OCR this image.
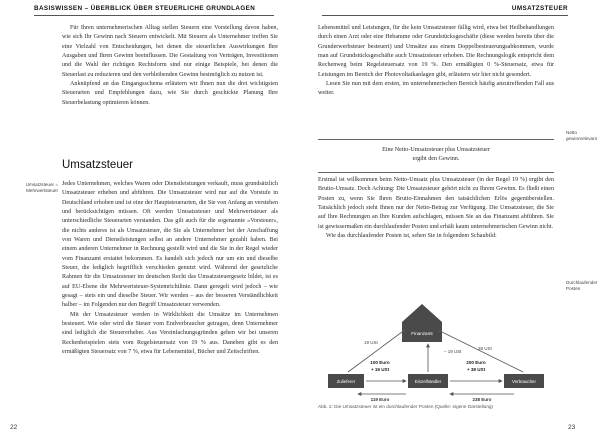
BASISWISSEN – ÜBERBLICK ÜBER STEUERLICHE GRUNDLAGEN

Für Ihren unternehmerischen Alltag stellen Steuern eine Vorstellung davon haben, wie sich Ihr Gewinn nach Steuern entwickelt. Mit Steuern als Unternehmer treffen Sie eine Vielzahl von Entscheidungen, bei denen die steuerlichen Auswirkungen Ihre Ausgaben und Ihren Gewinn beeinflussen. Die Gestaltung von Verträgen, Investitionen und die Wahl der richtigen Rechtsform sind nur einige Beispiele, bei denen die Steuerlast zu reduzieren und den verbleibenden Gewinn bestmöglich zu nutzen ist.

Anknüpfend an das Eingangsschema erläutern wir Ihnen nun die drei wichtigsten Steuerarten und Empfehlungen dazu, wie Sie durch geschickte Planung Ihre Steuerbelastung optimieren können.

Umsatzsteuer
Umsatzsteuer = Mehrwertsteuer

Jedes Unternehmen, welches Waren oder Dienstleistungen verkauft, muss grundsätzlich Umsatzsteuer erheben und abführen. Die Umsatzsteuer wird nur auf die Vorstufe in Deutschland erhoben und ist eine der Hauptsteuerarten, die Sie von Anfang an verstehen und berücksichtigen müssen. Oft werden Umsatzsteuer und Mehrwertsteuer als unterschiedliche Steuerarten verstanden. Das gilt auch für die sogenannte »Vorsteuer«, die nichts anderes ist als Umsatzsteuer, die Sie als Unternehmer bei der Anschaffung von Waren und Dienstleistungen selbst an andere Unternehmer gezahlt haben. Bei einem anderen Unternehmer in Rechnung gestellt wird und die Sie in der Regel wieder vom Finanzamt erstattet bekommen. Es handelt sich jedoch nur um ein und dieselbe Steuer, die lediglich begrifflich verschieden genutzt wird. Während der gesetzliche Rahmen für die Umsatzsteuer im deutschen Recht das Umsatzsteuergesetz bildet, ist es auf EU-Ebene die Mehrwertsteuer-Systemrichtlinie. Dann geregelt wird jedoch – wie gesagt – stets ein und dieselbe Steuer. Wir werden – aus der besseren Verständlichkeit halber – im Folgenden nur den Begriff Umsatzsteuer verwenden.

Mit der Umsatzsteuer werden in Wirklichkeit die Umsätze im Unternehmen besteuert. Wie oder wird die Steuer vom Endverbraucher getragen, denn Unternehmer sind lediglich die Steuererheber. Aus Vereinfachungsgründen gehen wir bei unseren Rechenbeispielen stets vom Regelsteuersatz von 19 % aus. Daneben gibt es den ermäßigten Steuersatz von 7 %, etwa für Lebensmittel, Bücher und Zeitschriften.

22
UMSATZSTEUER

Lebensmittel und Leistungen, für die kein Umsatzsteuer fällig wird, etwa bei Heilbehandlungen durch einen Arzt oder eine Hebamme oder Grundstücksgeschäfte (diese werden bereits über die Grunderwerbsteuer besteuert) und Umsätze aus einem Doppelbesteuerungsabkommen, wurde man auf Grundstücksgeschäfte auch Umsatzsteuer erhoben. Die Rechnungslogik entspricht dem Rechenweg beim Regelsteuersatz von 19 %. Den ermäßigten 0 %-Steuersatz, etwa für Leistungen im Bereich der Photovoltaikanlagen gibt, erläutern wir hier nicht gesondert.

Lesen Sie nun mit dem ersten, im unternehmerischen Bereich häufig anzutreffenden Fall aus weiter.

Netto gewinnrelevant
Eine Netto-Umsatzsteuer plus Umsatzsteuer
ergibt den Gewinn.

Erstmal ist willkommen beim Netto-Umsatz plus Umsatzsteuer (in der Regel 19 %) ergibt den Brutto-Umsatz. Doch Achtung: Die Umsatzsteuer gehört nicht zu Ihrem Gewinn. Es fließt einen Posten zu, wenn Sie Ihren Brutto-Einnahmen den tatsächlichen Erlös gegenüberstellen. Tatsächlich jedoch steht Ihnen nur der Netto-Betrag zur Verfügung. Die Umsatzsteuer, die Sie auf Ihre Rechnungen an Ihre Kunden aufschlagen, müssen Sie an das Finanzamt abführen. Sie ist gewissermaßen ein durchlaufender Posten und erhält kaum unternehmerischen Gewinn nicht.

Wie das durchlaufender Posten ist, sehen Sie in folgendem Schaubild:

Durchlaufender Posten
Finanzamt
Zulieferer	Einzelhändler	Verbraucher
19 USt
38 USt
– 19 USt
100 Euro
+ 19 USt
200 Euro
+ 38 USt
119 Euro	238 Euro
Abb. 2: Die Umsatzsteuer ist ein durchlaufender Posten (Quelle: eigene Darstellung)
23
